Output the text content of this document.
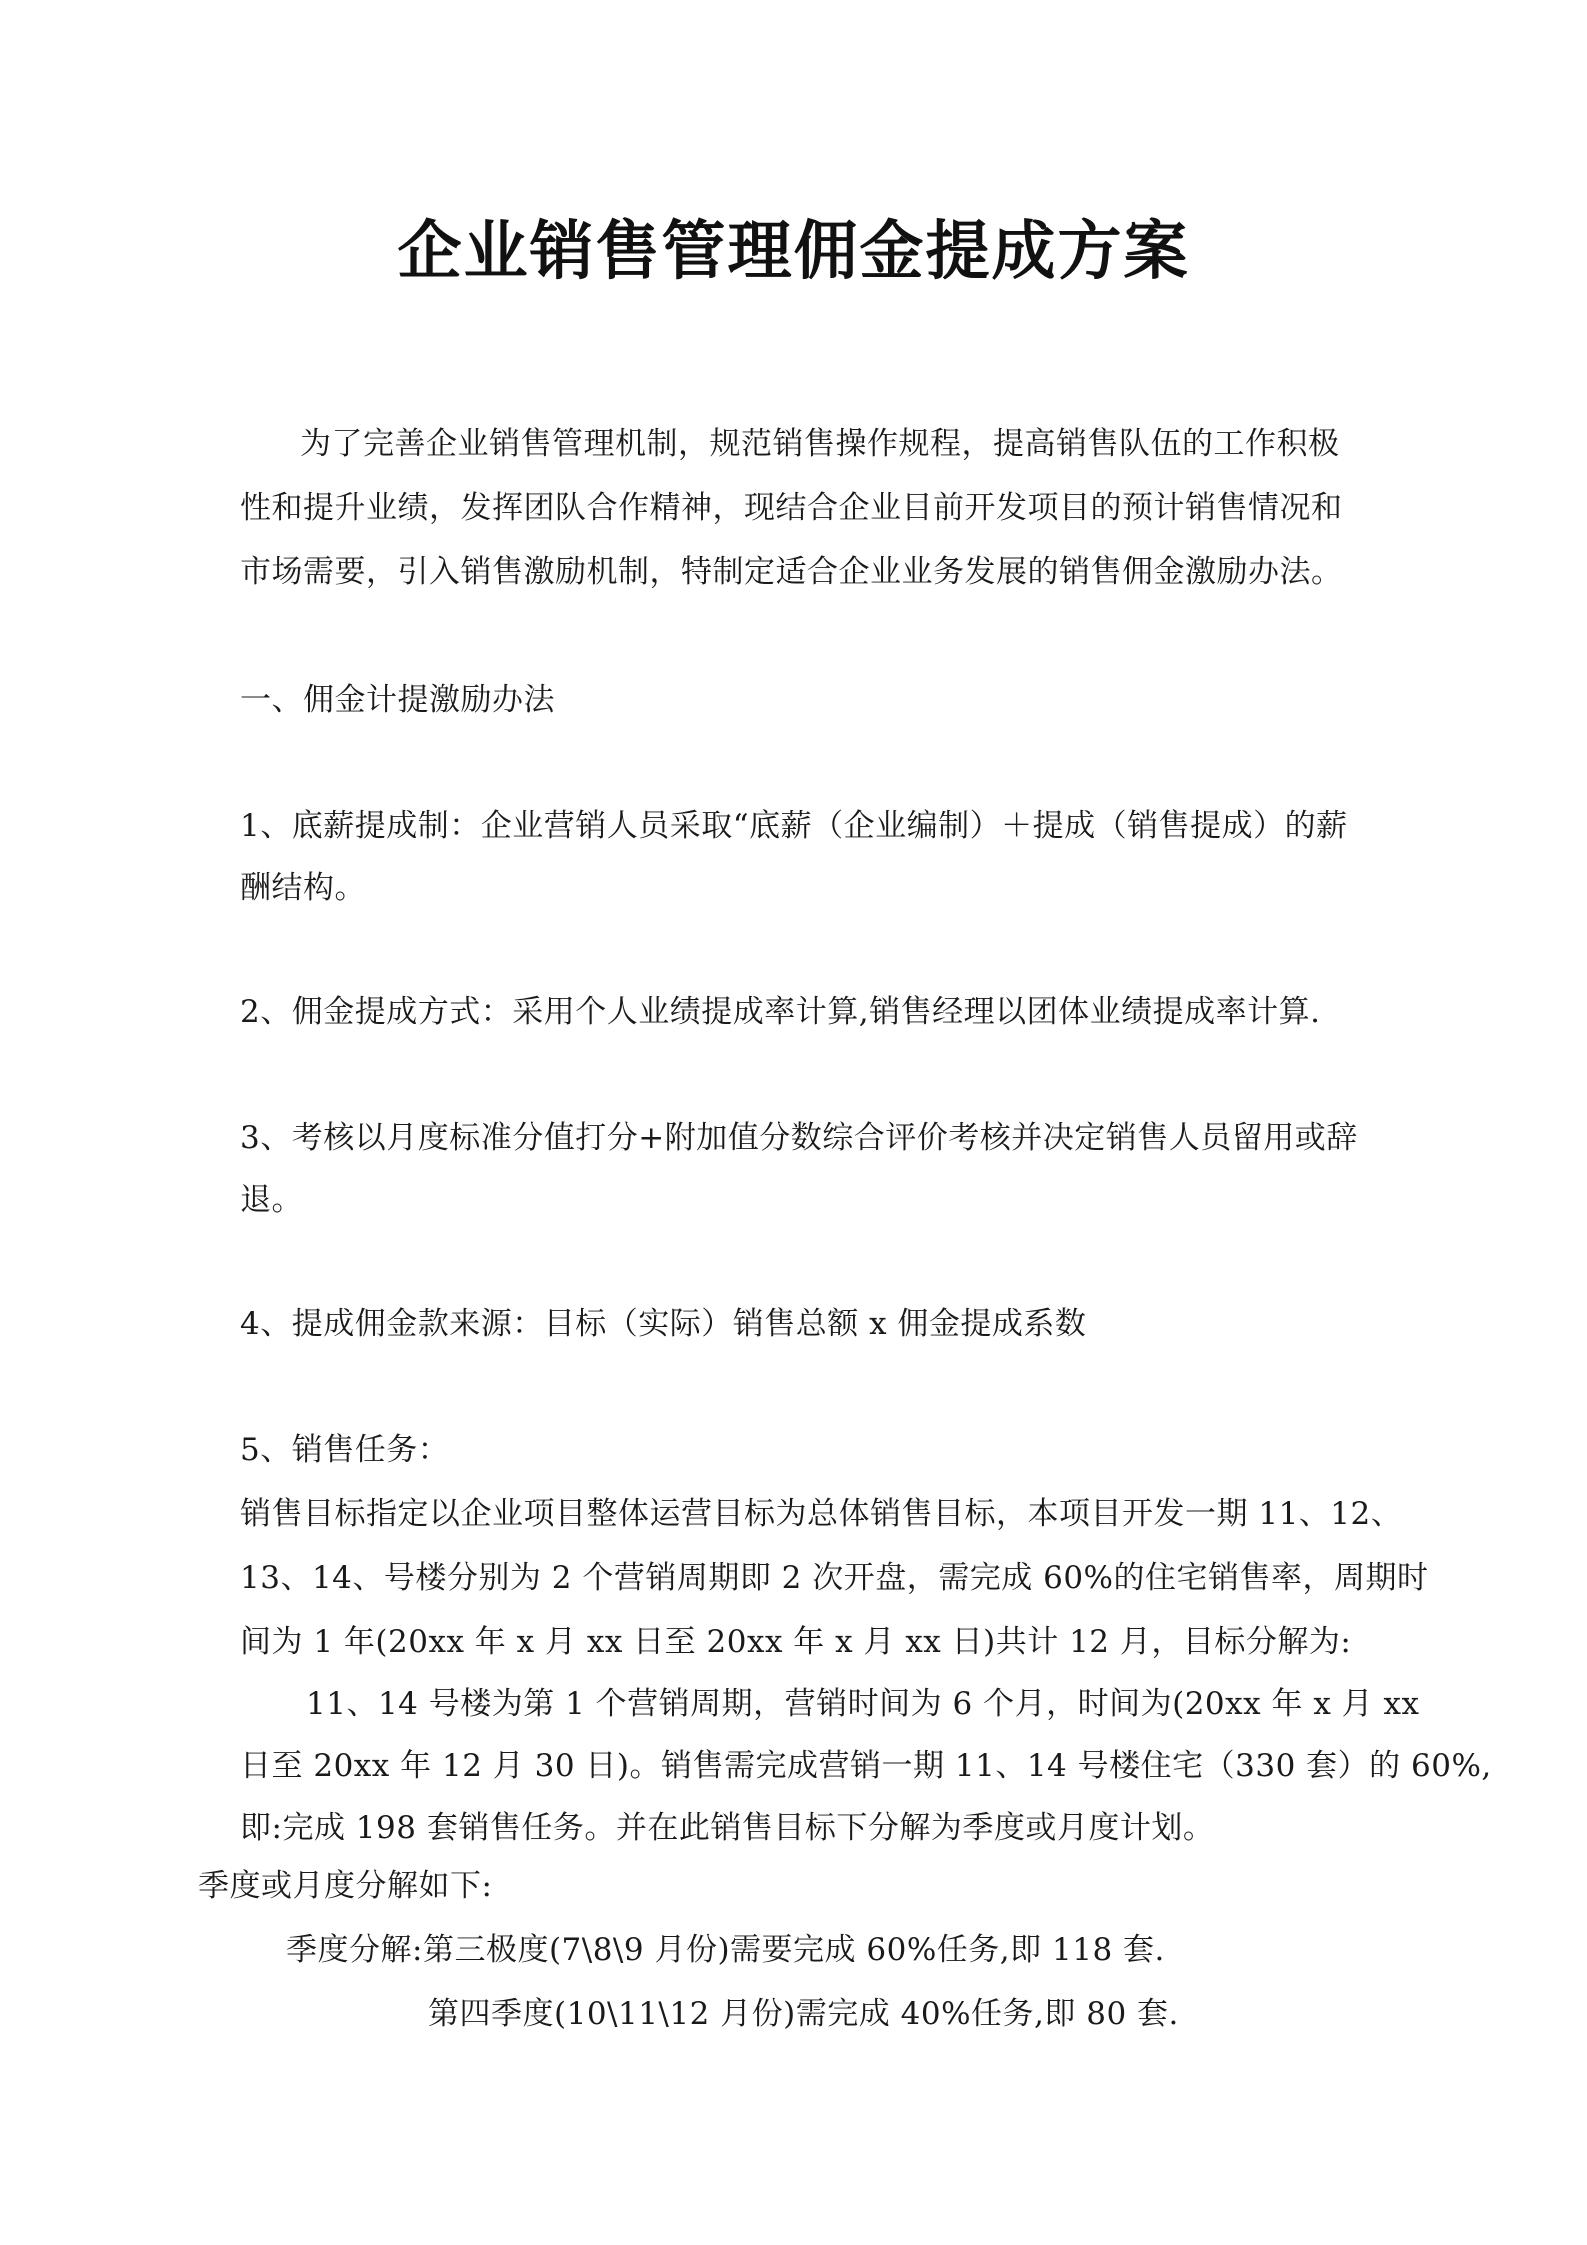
企业销售管理佣金提成方案
为了完善企业销售管理机制，规范销售操作规程，提高销售队伍的工作积极
性和提升业绩，发挥团队合作精神，现结合企业目前开发项目的预计销售情况和
市场需要，引入销售激励机制，特制定适合企业业务发展的销售佣金激励办法。
一、佣金计提激励办法
1、底薪提成制：企业营销人员采取“底薪（企业编制）＋提成（销售提成）的薪
酬结构。
2、佣金提成方式：采用个人业绩提成率计算,销售经理以团体业绩提成率计算.
3、考核以月度标准分值打分+附加值分数综合评价考核并决定销售人员留用或辞
退。
4、提成佣金款来源：目标（实际）销售总额 x 佣金提成系数
5、销售任务：
销售目标指定以企业项目整体运营目标为总体销售目标，本项目开发一期 11、12、
13、14、号楼分别为 2 个营销周期即 2 次开盘，需完成 60%的住宅销售率，周期时
间为 1 年(20xx 年 x 月 xx 日至 20xx 年 x 月 xx 日)共计 12 月，目标分解为:
11、14 号楼为第 1 个营销周期，营销时间为 6 个月，时间为(20xx 年 x 月 xx
日至 20xx 年 12 月 30 日)。销售需完成营销一期 11、14 号楼住宅（330 套）的 60%,
即:完成 198 套销售任务。并在此销售目标下分解为季度或月度计划。
季度或月度分解如下:
季度分解:第三极度(7\8\9 月份)需要完成 60%任务,即 118 套.
第四季度(10\11\12 月份)需完成 40%任务,即 80 套.
